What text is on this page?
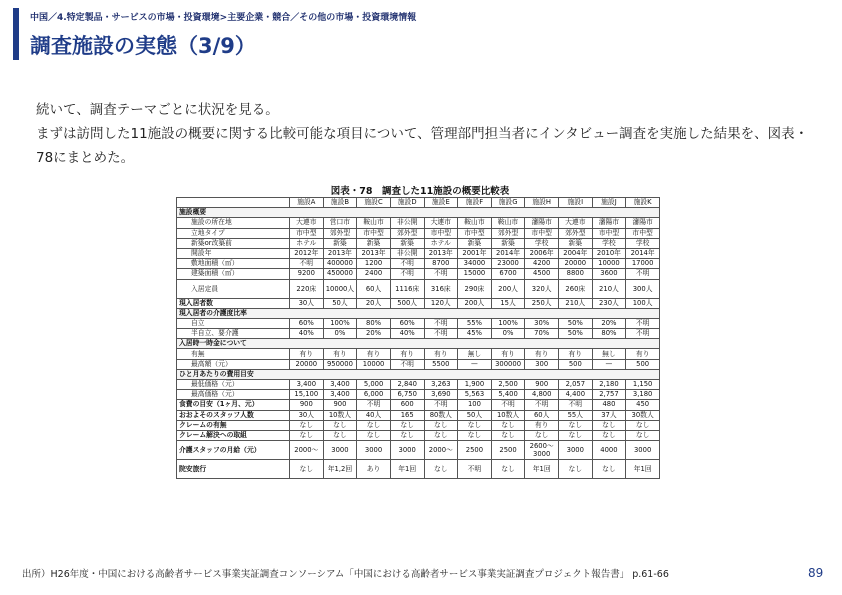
中国／4.特定製品・サービスの市場・投資環境>主要企業・競合／その他の市場・投資環境情報
調査施設の実態（3/9）

続いて、調査テーマごとに状況を見る。

まずは訪問した11施設の概要に関する比較可能な項目について、管理部門担当者にインタビュー調査を実施した結果を、図表・78にまとめた。

図表・78　調査した11施設の概要比較表
	施設A	施設B	施設C	施設D	施設E	施設F	施設G	施設H	施設I	施設J	施設K
施設概要											
施設の所在地	大連市	営口市	鞍山市	非公開	大連市	鞍山市	鞍山市	瀋陽市	大連市	瀋陽市	瀋陽市
立地タイプ	市中型	郊外型	市中型	郊外型	市中型	市中型	郊外型	市中型	郊外型	市中型	市中型
新築or改築前	ホテル	新築	新築	新築	ホテル	新築	新築	学校	新築	学校	学校
開設年	2012年	2013年	2013年	非公開	2013年	2001年	2014年	2006年	2004年	2010年	2014年
敷地面積（㎡）	不明	400000	1200	不明	8700	34000	23000	4200	20000	10000	17000
建築面積（㎡）	9200	450000	2400	不明	不明	15000	6700	4500	8800	3600	不明
入居定員	220床	10000人	60人	1116床	316床	290床	200人	320人	260床	210人	300人
現入居者数	30人	50人	20人	500人	120人	200人	15人	250人	210人	230人	100人
現入居者の介護度比率											
自立	60%	100%	80%	60%	不明	55%	100%	30%	50%	20%	不明
半自立、要介護	40%	0%	20%	40%	不明	45%	0%	70%	50%	80%	不明
入居時一時金について											
有無	有り	有り	有り	有り	有り	無し	有り	有り	有り	無し	有り
最高額（元）	20000	950000	10000	不明	5500	—	300000	300	500	—	500
ひと月あたりの費用目安											
最低価格（元）	3,400	3,400	5,000	2,840	3,263	1,900	2,500	900	2,057	2,180	1,150
最高価格（元）	15,100	3,400	6,000	6,750	3,690	5,563	5,400	4,800	4,400	2,757	3,180
食費の目安（1ヶ月、元）	900	900	不明	600	不明	100	不明	不明	不明	480	450
おおよそのスタッフ人数	30人	10数人	40人	165	80数人	50人	10数人	60人	55人	37人	30数人
クレームの有無	なし	なし	なし	なし	なし	なし	なし	有り	なし	なし	なし
クレーム解決への取組	なし	なし	なし	なし	なし	なし	なし	なし	なし	なし	なし
介護スタッフの月給（元）	2000～	3000	3000	3000	2000～	2500	2500	2600～3000	3000	4000	3000
院安旅行	なし	年1,2回	あり	年1回	なし	不明	なし	年1回	なし	なし	年1回
出所）H26年度・中国における高齢者サービス事業実証調査コンソーシアム「中国における高齢者サービス事業実証調査プロジェクト報告書」 p.61-66	89
